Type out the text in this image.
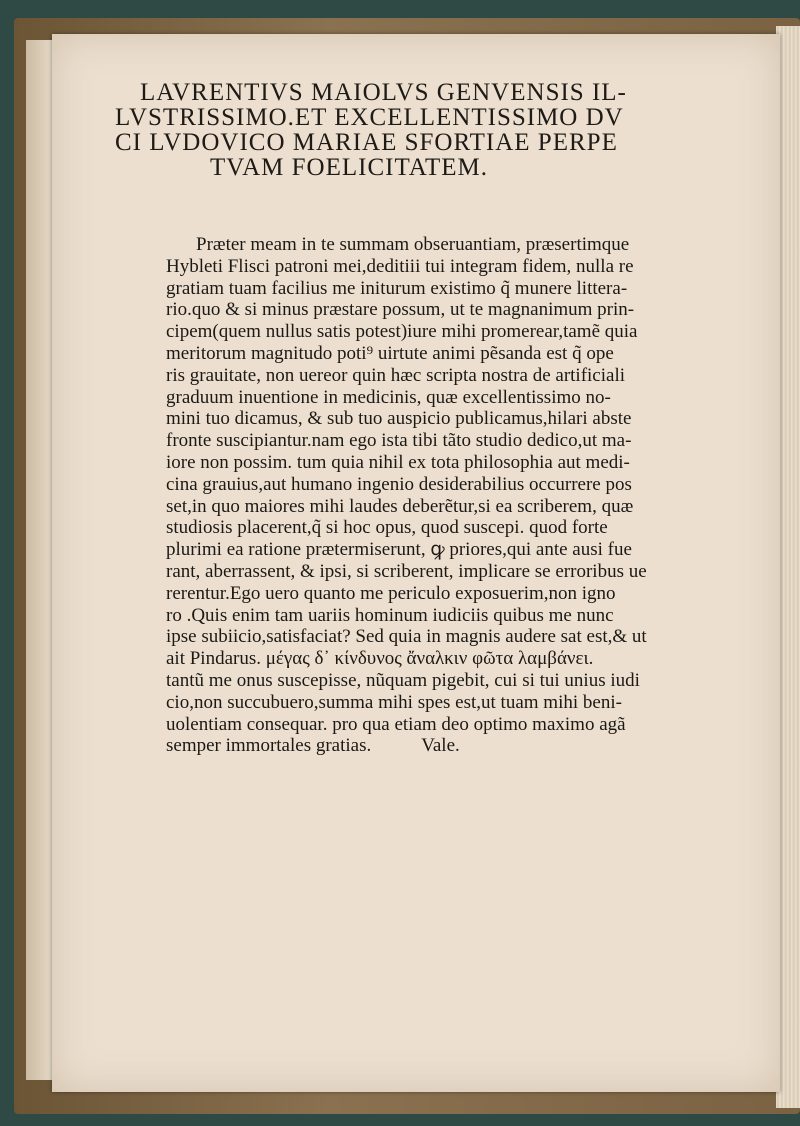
LAVRENTIVS MAIOLVS GENVENSIS IL-
LVSTRISSIMO.ET EXCELLENTISSIMO DV
CI LVDOVICO MARIAE SFORTIAE PERPE
TVAM FOELICITATEM.
Præter meam in te summam obseruantiam, præsertimque
Hybleti Flisci patroni mei,deditiii tui integram fidem, nulla re
gratiam tuam facilius me initurum existimo q̃ munere littera-
rio.quo & si minus præstare possum, ut te magnanimum prin-
cipem(quem nullus satis potest)iure mihi promerear,tamẽ quia
meritorum magnitudo poti⁹ uirtute animi pẽsanda est q̃ ope
ris grauitate, non uereor quin hæc scripta nostra de artificiali
graduum inuentione in medicinis, quæ excellentissimo no-
mini tuo dicamus, & sub tuo auspicio publicamus,hilari abste
fronte suscipiantur.nam ego ista tibi tãto studio dedico,ut ma-
iore non possim. tum quia nihil ex tota philosophia aut medi-
cina grauius,aut humano ingenio desiderabilius occurrere pos
set,in quo maiores mihi laudes deberẽtur,si ea scriberem, quæ
studiosis placerent,q̃ si hoc opus, quod suscepi. quod forte
plurimi ea ratione prætermiserunt, ꝙ priores,qui ante ausi fue
rant, aberrassent, & ipsi, si scriberent, implicare se erroribus ue
rerentur.Ego uero quanto me periculo exposuerim,non igno
ro .Quis enim tam uariis hominum iudiciis quibus me nunc
ipse subiicio,satisfaciat? Sed quia in magnis audere sat est,& ut
ait Pindarus. μέγας δ᾽ κίνδυνος ἄναλκιν φῶτα λαμβάνει.
tantũ me onus suscepisse, nũquam pigebit, cui si tui unius iudi
cio,non succubuero,summa mihi spes est,ut tuam mihi beni-
uolentiam consequar. pro qua etiam deo optimo maximo agã
semper immortales gratias.	Vale.
